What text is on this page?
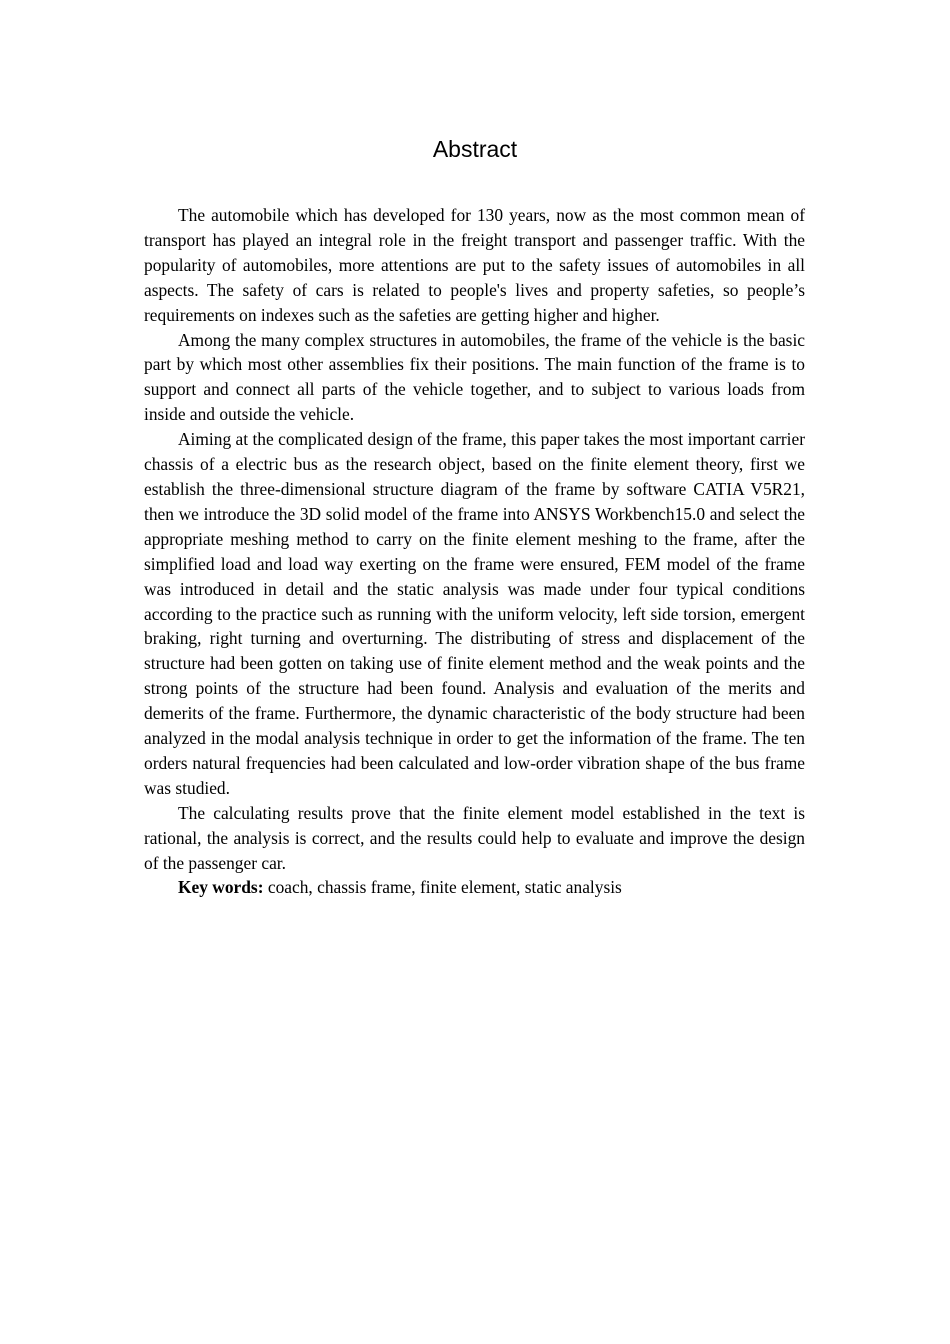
Abstract

The automobile which has developed for 130 years, now as the most common mean of transport has played an integral role in the freight transport and passenger traffic. With the popularity of automobiles, more attentions are put to the safety issues of automobiles in all aspects. The safety of cars is related to people's lives and property safeties, so people’s requirements on indexes such as the safeties are getting higher and higher.

Among the many complex structures in automobiles, the frame of the vehicle is the basic part by which most other assemblies fix their positions. The main function of the frame is to support and connect all parts of the vehicle together, and to subject to various loads from inside and outside the vehicle.

Aiming at the complicated design of the frame, this paper takes the most important carrier chassis of a electric bus as the research object, based on the finite element theory, first we establish the three-dimensional structure diagram of the frame by software CATIA V5R21, then we introduce the 3D solid model of the frame into ANSYS Workbench15.0 and select the appropriate meshing method to carry on the finite element meshing to the frame, after the simplified load and load way exerting on the frame were ensured, FEM model of the frame was introduced in detail and the static analysis was made under four typical conditions according to the practice such as running with the uniform velocity, left side torsion, emergent braking, right turning and overturning. The distributing of stress and displacement of the structure had been gotten on taking use of finite element method and the weak points and the strong points of the structure had been found. Analysis and evaluation of the merits and demerits of the frame. Furthermore, the dynamic characteristic of the body structure had been analyzed in the modal analysis technique in order to get the information of the frame. The ten orders natural frequencies had been calculated and low-order vibration shape of the bus frame was studied.

The calculating results prove that the finite element model established in the text is rational, the analysis is correct, and the results could help to evaluate and improve the design of the passenger car.

Key words: coach, chassis frame, finite element, static analysis
